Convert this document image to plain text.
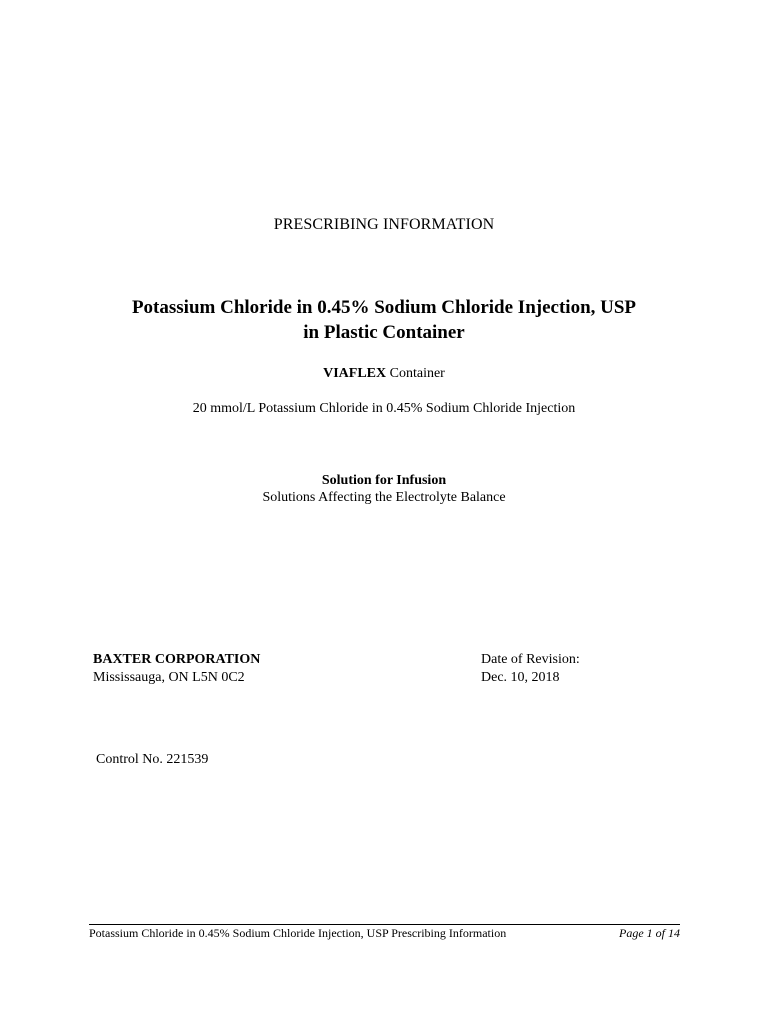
PRESCRIBING INFORMATION
Potassium Chloride in 0.45% Sodium Chloride Injection, USP
in Plastic Container
VIAFLEX Container
20 mmol/L Potassium Chloride in 0.45% Sodium Chloride Injection
Solution for Infusion
Solutions Affecting the Electrolyte Balance
BAXTER CORPORATION
Mississauga, ON L5N 0C2
Date of Revision:
Dec. 10, 2018
Control No. 221539
Potassium Chloride in 0.45% Sodium Chloride Injection, USP Prescribing Information	Page 1 of 14
